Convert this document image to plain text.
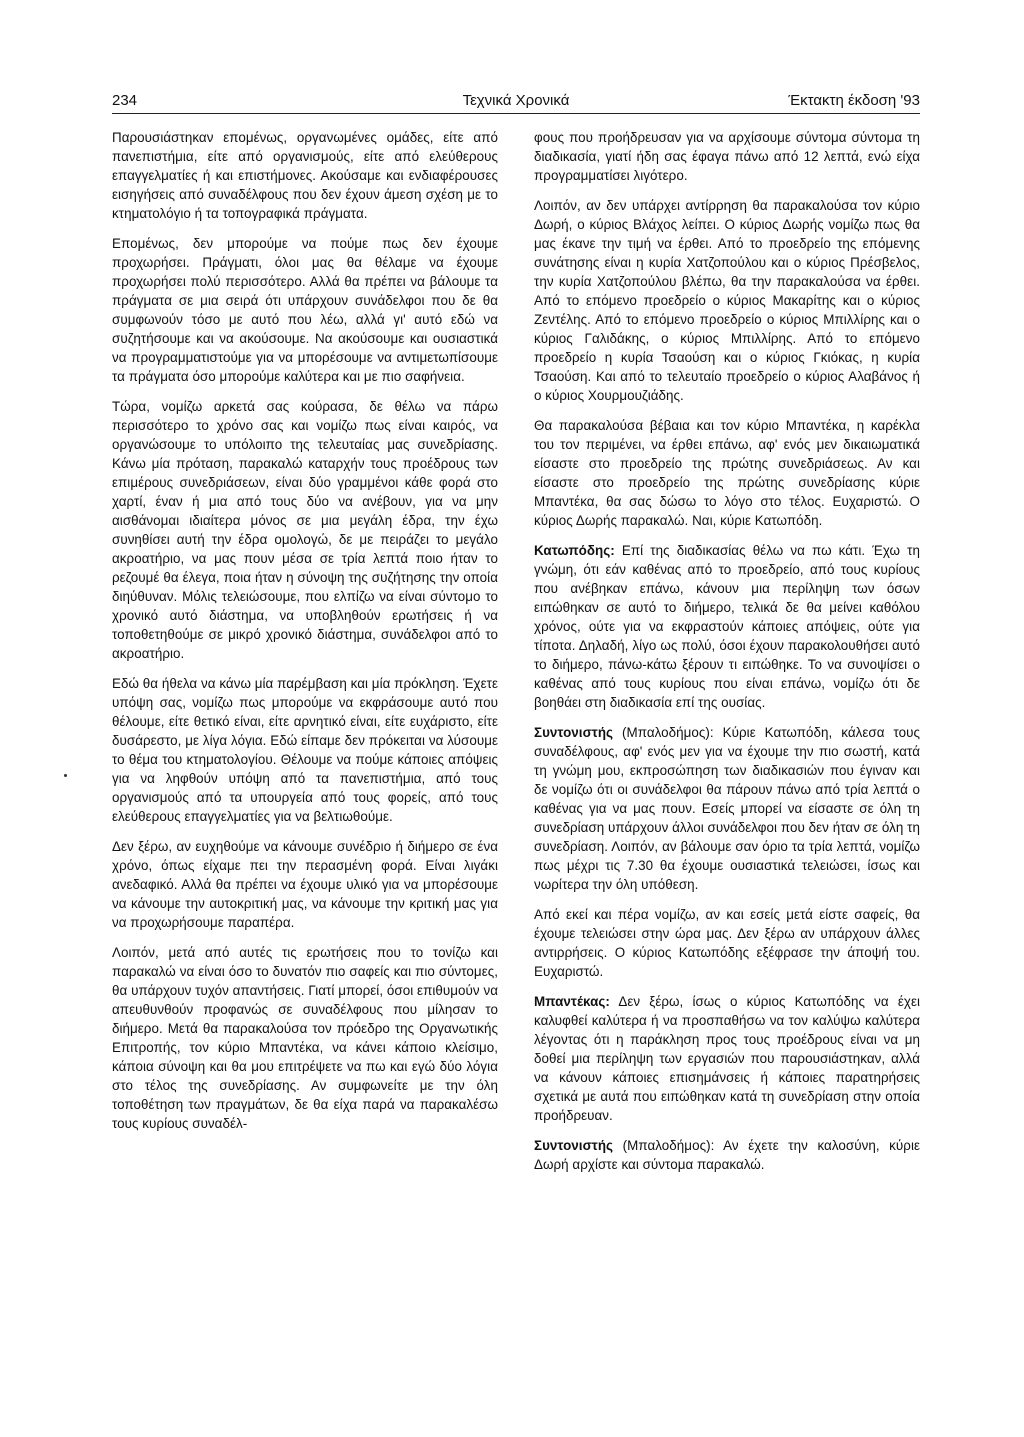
234	Τεχνικά Χρονικά	Έκτακτη έκδοση '93

Παρουσιάστηκαν επομένως, οργανωμένες ομάδες, είτε από πανεπιστήμια, είτε από οργανισμούς, είτε από ελεύθερους επαγγελματίες ή και επιστήμονες. Ακούσαμε και ενδιαφέρουσες εισηγήσεις από συναδέλφους που δεν έχουν άμεση σχέση με το κτηματολόγιο ή τα τοπογραφικά πράγματα.

Επομένως, δεν μπορούμε να πούμε πως δεν έχουμε προχωρήσει. Πράγματι, όλοι μας θα θέλαμε να έχουμε προχωρήσει πολύ περισσότερο. Αλλά θα πρέπει να βάλουμε τα πράγματα σε μια σειρά ότι υπάρχουν συνάδελφοι που δε θα συμφωνούν τόσο με αυτό που λέω, αλλά γι' αυτό εδώ να συζητήσουμε και να ακούσουμε. Να ακούσουμε και ουσιαστικά να προγραμματιστούμε για να μπορέσουμε να αντιμετωπίσουμε τα πράγματα όσο μπορούμε καλύτερα και με πιο σαφήνεια.

Τώρα, νομίζω αρκετά σας κούρασα, δε θέλω να πάρω περισσότερο το χρόνο σας και νομίζω πως είναι καιρός, να οργανώσουμε το υπόλοιπο της τελευταίας μας συνεδρίασης. Κάνω μία πρόταση, παρακαλώ καταρχήν τους προέδρους των επιμέρους συνεδριάσεων, είναι δύο γραμμένοι κάθε φορά στο χαρτί, έναν ή μια από τους δύο να ανέβουν, για να μην αισθάνομαι ιδιαίτερα μόνος σε μια μεγάλη έδρα, την έχω συνηθίσει αυτή την έδρα ομολογώ, δε με πειράζει το μεγάλο ακροατήριο, να μας πουν μέσα σε τρία λεπτά ποιο ήταν το ρεζουμέ θα έλεγα, ποια ήταν η σύνοψη της συζήτησης την οποία διηύθυναν. Μόλις τελειώσουμε, που ελπίζω να είναι σύντομο το χρονικό αυτό διάστημα, να υποβληθούν ερωτήσεις ή να τοποθετηθούμε σε μικρό χρονικό διάστημα, συνάδελφοι από το ακροατήριο.

Εδώ θα ήθελα να κάνω μία παρέμβαση και μία πρόκληση. Έχετε υπόψη σας, νομίζω πως μπορούμε να εκφράσουμε αυτό που θέλουμε, είτε θετικό είναι, είτε αρνητικό είναι, είτε ευχάριστο, είτε δυσάρεστο, με λίγα λόγια. Εδώ είπαμε δεν πρόκειται να λύσουμε το θέμα του κτηματολογίου. Θέλουμε να πούμε κάποιες απόψεις για να ληφθούν υπόψη από τα πανεπιστήμια, από τους οργανισμούς από τα υπουργεία από τους φορείς, από τους ελεύθερους επαγγελματίες για να βελτιωθούμε.

Δεν ξέρω, αν ευχηθούμε να κάνουμε συνέδριο ή διήμερο σε ένα χρόνο, όπως είχαμε πει την περασμένη φορά. Είναι λιγάκι ανεδαφικό. Αλλά θα πρέπει να έχουμε υλικό για να μπορέσουμε να κάνουμε την αυτοκριτική μας, να κάνουμε την κριτική μας για να προχωρήσουμε παραπέρα.

Λοιπόν, μετά από αυτές τις ερωτήσεις που το τονίζω και παρακαλώ να είναι όσο το δυνατόν πιο σαφείς και πιο σύντομες, θα υπάρχουν τυχόν απαντήσεις. Γιατί μπορεί, όσοι επιθυμούν να απευθυνθούν προφανώς σε συναδέλφους που μίλησαν το διήμερο. Μετά θα παρακαλούσα τον πρόεδρο της Οργανωτικής Επιτροπής, τον κύριο Μπαντέκα, να κάνει κάποιο κλείσιμο, κάποια σύνοψη και θα μου επιτρέψετε να πω και εγώ δύο λόγια στο τέλος της συνεδρίασης. Αν συμφωνείτε με την όλη τοποθέτηση των πραγμάτων, δε θα είχα παρά να παρακαλέσω τους κυρίους συναδέλ-

φους που προήδρευσαν για να αρχίσουμε σύντομα σύντομα τη διαδικασία, γιατί ήδη σας έφαγα πάνω από 12 λεπτά, ενώ είχα προγραμματίσει λιγότερο.

Λοιπόν, αν δεν υπάρχει αντίρρηση θα παρακαλούσα τον κύριο Δωρή, ο κύριος Βλάχος λείπει. Ο κύριος Δωρής νομίζω πως θα μας έκανε την τιμή να έρθει. Από το προεδρείο της επόμενης συνάτησης είναι η κυρία Χατζοπούλου και ο κύριος Πρέσβελος, την κυρία Χατζοπούλου βλέπω, θα την παρακαλούσα να έρθει. Από το επόμενο προεδρείο ο κύριος Μακαρίτης και ο κύριος Ζεντέλης. Από το επόμενο προεδρείο ο κύριος Μπιλλίρης και ο κύριος Γαλιδάκης, ο κύριος Μπιλλίρης. Από το επόμενο προεδρείο η κυρία Τσαούση και ο κύριος Γκιόκας, η κυρία Τσαούση. Και από το τελευταίο προεδρείο ο κύριος Αλαβάνος ή ο κύριος Χουρμουζιάδης.

Θα παρακαλούσα βέβαια και τον κύριο Μπαντέκα, η καρέκλα του τον περιμένει, να έρθει επάνω, αφ' ενός μεν δικαιωματικά είσαστε στο προεδρείο της πρώτης συνεδριάσεως. Αν και είσαστε στο προεδρείο της πρώτης συνεδρίασης κύριε Μπαντέκα, θα σας δώσω το λόγο στο τέλος. Ευχαριστώ. Ο κύριος Δωρής παρακαλώ. Ναι, κύριε Κατωπόδη.

Κατωπόδης: Επί της διαδικασίας θέλω να πω κάτι. Έχω τη γνώμη, ότι εάν καθένας από το προεδρείο, από τους κυρίους που ανέβηκαν επάνω, κάνουν μια περίληψη των όσων ειπώθηκαν σε αυτό το διήμερο, τελικά δε θα μείνει καθόλου χρόνος, ούτε για να εκφραστούν κάποιες απόψεις, ούτε για τίποτα. Δηλαδή, λίγο ως πολύ, όσοι έχουν παρακολουθήσει αυτό το διήμερο, πάνω-κάτω ξέρουν τι ειπώθηκε. Το να συνοψίσει ο καθένας από τους κυρίους που είναι επάνω, νομίζω ότι δε βοηθάει στη διαδικασία επί της ουσίας.

Συντονιστής (Μπαλοδήμος): Κύριε Κατωπόδη, κάλεσα τους συναδέλφους, αφ' ενός μεν για να έχουμε την πιο σωστή, κατά τη γνώμη μου, εκπροσώπηση των διαδικασιών που έγιναν και δε νομίζω ότι οι συνάδελφοι θα πάρουν πάνω από τρία λεπτά ο καθένας για να μας πουν. Εσείς μπορεί να είσαστε σε όλη τη συνεδρίαση υπάρχουν άλλοι συνάδελφοι που δεν ήταν σε όλη τη συνεδρίαση. Λοιπόν, αν βάλουμε σαν όριο τα τρία λεπτά, νομίζω πως μέχρι τις 7.30 θα έχουμε ουσιαστικά τελειώσει, ίσως και νωρίτερα την όλη υπόθεση.

Από εκεί και πέρα νομίζω, αν και εσείς μετά είστε σαφείς, θα έχουμε τελειώσει στην ώρα μας. Δεν ξέρω αν υπάρχουν άλλες αντιρρήσεις. Ο κύριος Κατωπόδης εξέφρασε την άποψή του. Ευχαριστώ.

Μπαντέκας: Δεν ξέρω, ίσως ο κύριος Κατωπόδης να έχει καλυφθεί καλύτερα ή να προσπαθήσω να τον καλύψω καλύτερα λέγοντας ότι η παράκληση προς τους προέδρους είναι να μη δοθεί μια περίληψη των εργασιών που παρουσιάστηκαν, αλλά να κάνουν κάποιες επισημάνσεις ή κάποιες παρατηρήσεις σχετικά με αυτά που ειπώθηκαν κατά τη συνεδρίαση στην οποία προήδρευαν.

Συντονιστής (Μπαλοδήμος): Αν έχετε την καλοσύνη, κύριε Δωρή αρχίστε και σύντομα παρακαλώ.
